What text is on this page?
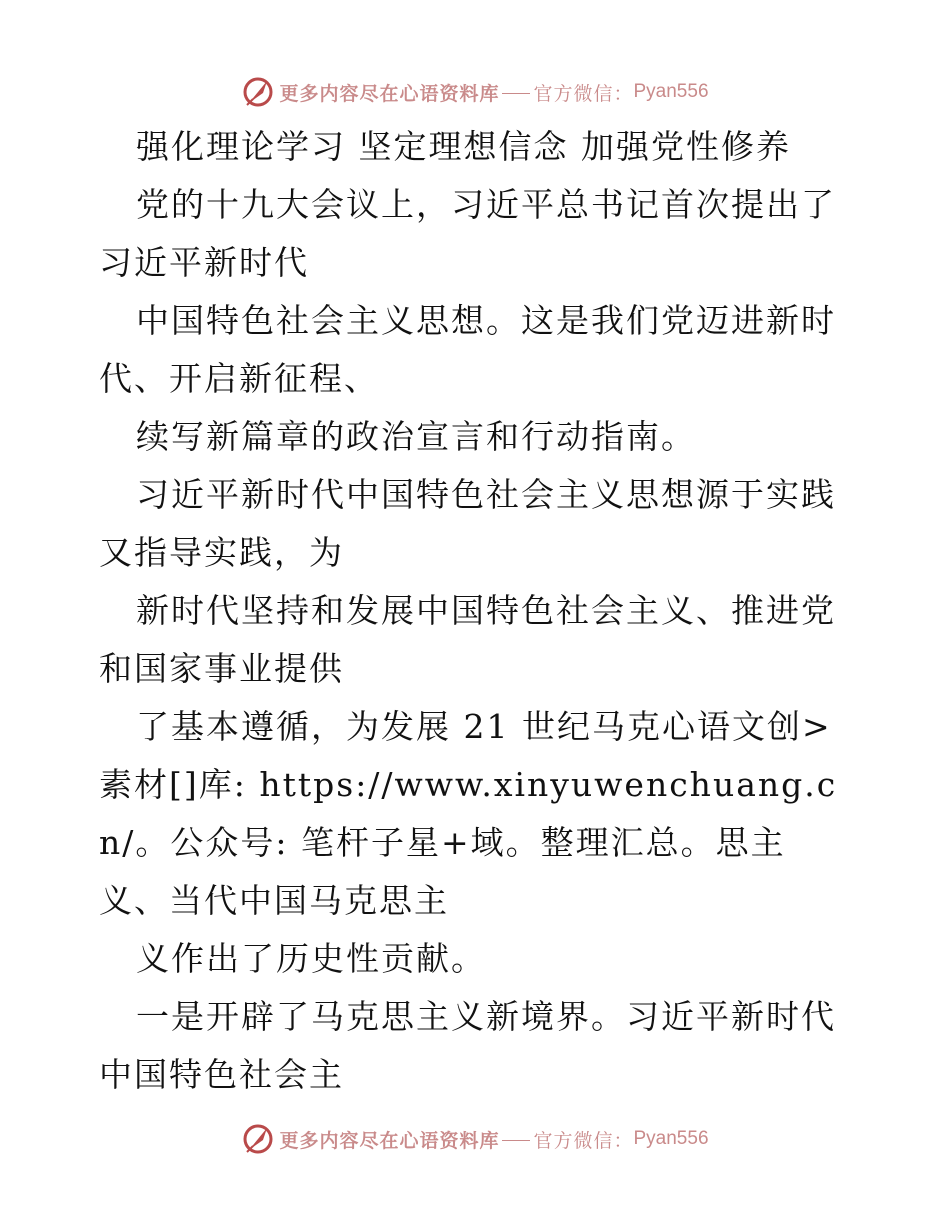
更多内容尽在心语资料库 官方微信： Pyan556

强化理论学习 坚定理想信念 加强党性修养

党的十九大会议上，习近平总书记首次提出了习近平新时代

中国特色社会主义思想。这是我们党迈进新时代、开启新征程、

续写新篇章的政治宣言和行动指南。

习近平新时代中国特色社会主义思想源于实践又指导实践，为

新时代坚持和发展中国特色社会主义、推进党和国家事业提供

了基本遵循，为发展 21 世纪马克心语文创>素材[]库: https://www.xinyuwenchuang.cn/。公众号: 笔杆子星+域。整理汇总。思主义、当代中国马克思主

义作出了历史性贡献。

一是开辟了马克思主义新境界。习近平新时代中国特色社会主

更多内容尽在心语资料库 官方微信： Pyan556
